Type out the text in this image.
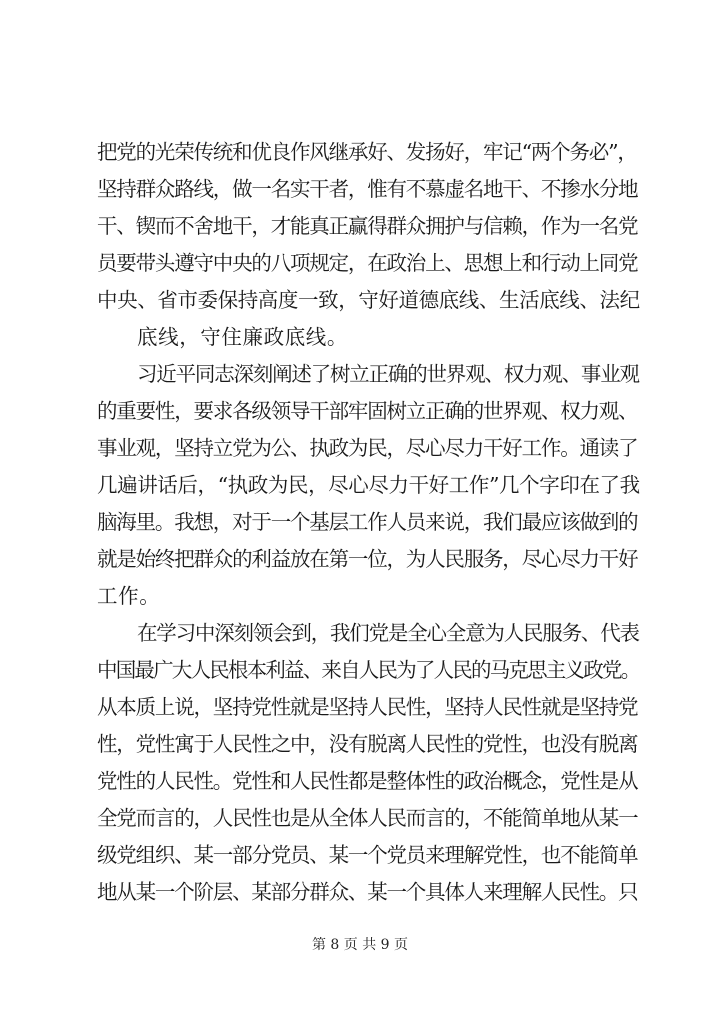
把党的光荣传统和优良作风继承好、发扬好，牢记“两个务必”，
坚持群众路线，做一名实干者，惟有不慕虚名地干、不掺水分地
干、锲而不舍地干，才能真正赢得群众拥护与信赖，作为一名党
员要带头遵守中央的八项规定，在政治上、思想上和行动上同党
中央、省市委保持高度一致，守好道德底线、生活底线、法纪
底线，守住廉政底线。
习近平同志深刻阐述了树立正确的世界观、权力观、事业观
的重要性，要求各级领导干部牢固树立正确的世界观、权力观、
事业观，坚持立党为公、执政为民，尽心尽力干好工作。通读了
几遍讲话后，“执政为民，尽心尽力干好工作”几个字印在了我
脑海里。我想，对于一个基层工作人员来说，我们最应该做到的
就是始终把群众的利益放在第一位，为人民服务，尽心尽力干好
工作。
在学习中深刻领会到，我们党是全心全意为人民服务、代表
中国最广大人民根本利益、来自人民为了人民的马克思主义政党。
从本质上说，坚持党性就是坚持人民性，坚持人民性就是坚持党
性，党性寓于人民性之中，没有脱离人民性的党性，也没有脱离
党性的人民性。党性和人民性都是整体性的政治概念，党性是从
全党而言的，人民性也是从全体人民而言的，不能简单地从某一
级党组织、某一部分党员、某一个党员来理解党性，也不能简单
地从某一个阶层、某部分群众、某一个具体人来理解人民性。只
第 8 页 共 9 页
